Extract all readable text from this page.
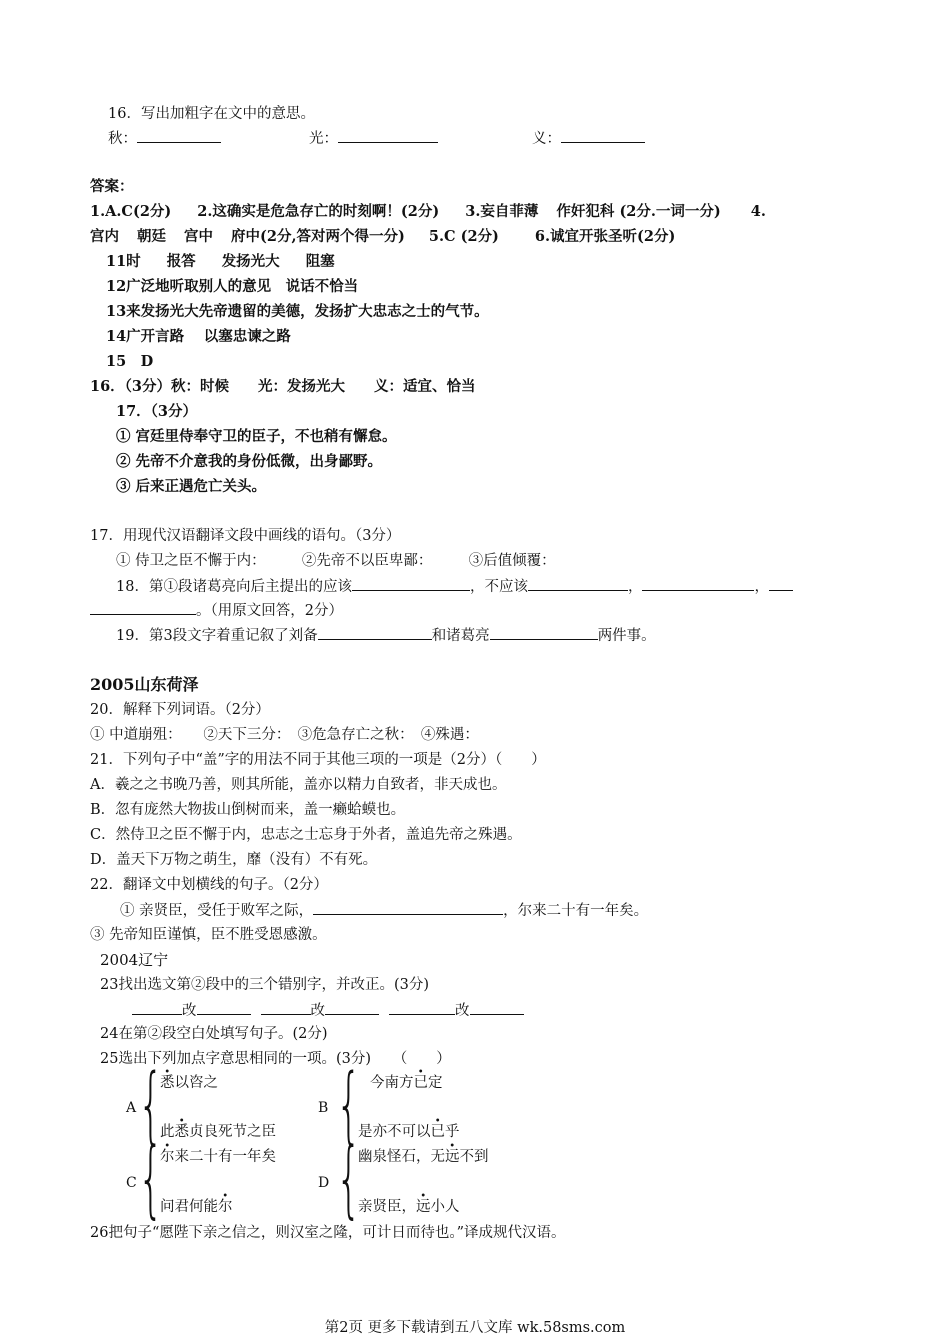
16．写出加粗字在文中的意思。
秋：	光：	义：
答案：
1.A.C(2分) 2.这确实是危急存亡的时刻啊！(2分) 3.妄自菲薄 作奸犯科 (2分.一词一分) 4.
宫内 朝廷 宫中 府中(2分,答对两个得一分) 5.C (2分) 6.诚宜开张圣听(2分)
11时 报答 发扬光大 阻塞
12广泛地听取别人的意见　说话不恰当
13来发扬光大先帝遗留的美德，发扬扩大忠志之士的气节。
14广开言路　 以塞忠谏之路
15　D
16．（3分）秋：时候　　光：发扬光大　　义：适宜、恰当
17．（3分）
① 宫廷里侍奉守卫的臣子，不也稍有懈怠。
② 先帝不介意我的身份低微，出身鄙野。
③ 后来正遇危亡关头。
17．用现代汉语翻译文段中画线的语句。（3分）
① 侍卫之臣不懈于内：　　　②先帝不以臣卑鄙：　　　③后值倾覆：
18．第①段诸葛亮向后主提出的应该	，不应该	，	，
。（用原文回答，2分）
19．第3段文字着重记叙了刘备	和诸葛亮	两件事。
2005山东荷泽
20．解释下列词语。（2分）
① 中道崩殂：　　②天下三分：　③危急存亡之秋：　④殊遇：
21．下列句子中“盖”字的用法不同于其他三项的一项是（2分）（　　）
A．羲之之书晚乃善，则其所能，盖亦以精力自致者，非天成也。
B．忽有庞然大物拔山倒树而来，盖一癞蛤蟆也。
C．然侍卫之臣不懈于内，忠志之士忘身于外者，盖追先帝之殊遇。
D．盖天下万物之萌生，靡（没有）不有死。
22．翻译文中划横线的句子。（2分）
① 亲贤臣，受任于败军之际，	，尔来二十有一年矣。
③ 先帝知臣谨慎，臣不胜受恩感激。
2004辽宁
23找出选文第②段中的三个错别字，并改正。(3分)
改	改	改
24在第②段空白处填写句子。(2分)
25选出下列加点字意思相同的一项。(3分)　　（　　）
A {
悉以咨之
此悉贞良死节之臣
B { 今南方已定
是亦不可以已乎
C {
尔来二十有一年矣
问君何能尔
D {
幽泉怪石，无远不到
亲贤臣，远小人
26把句子“愿陛下亲之信之，则汉室之隆，可计日而待也。”译成规代汉语。
第2页 更多下载请到五八文库 wk.58sms.com
